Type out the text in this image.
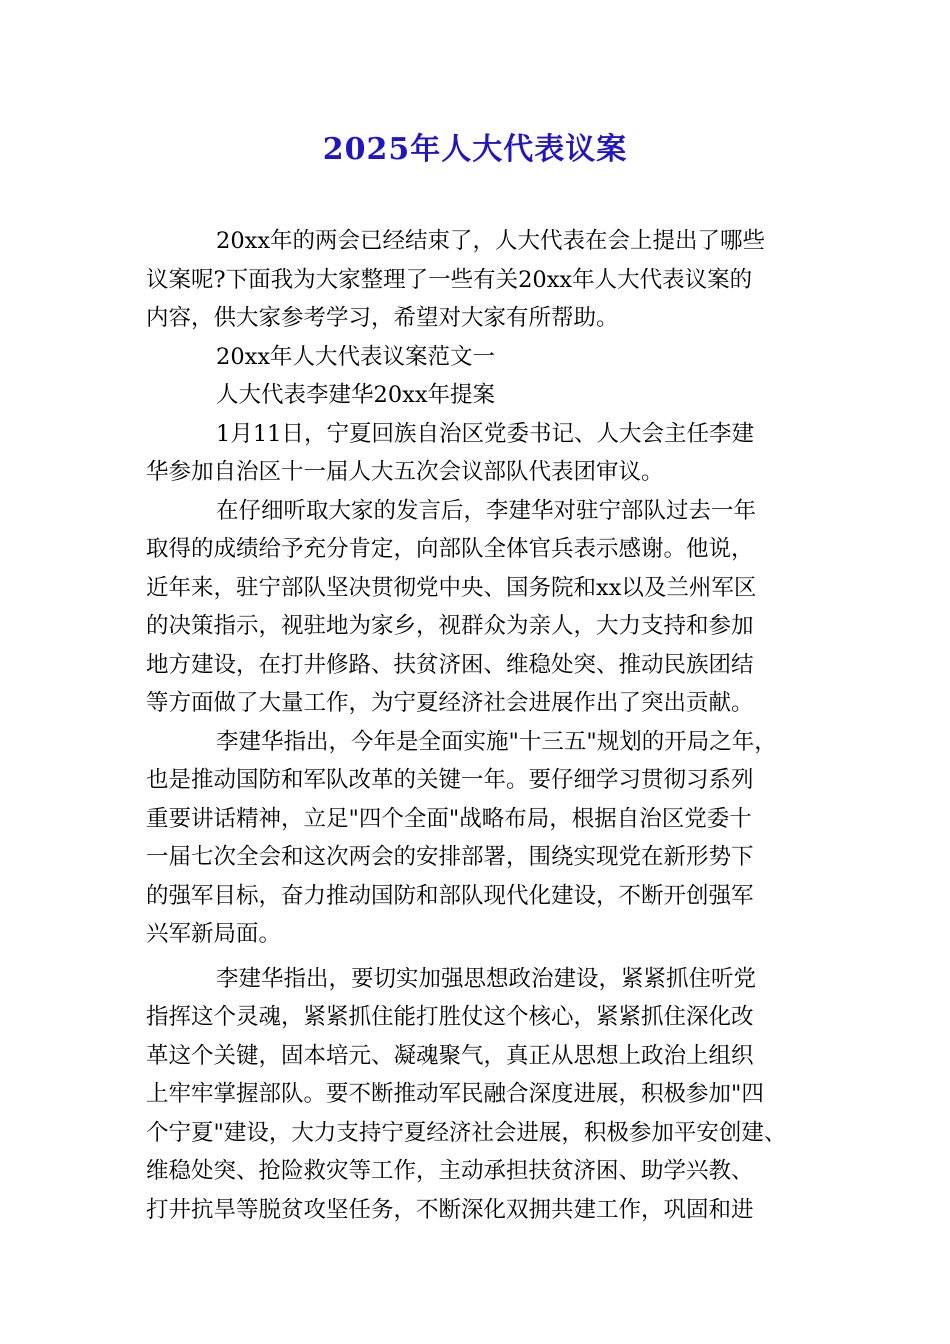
2025年人大代表议案
20xx年的两会已经结束了，人大代表在会上提出了哪些
议案呢?下面我为大家整理了一些有关20xx年人大代表议案的
内容，供大家参考学习，希望对大家有所帮助。
20xx年人大代表议案范文一
人大代表李建华20xx年提案
1月11日，宁夏回族自治区党委书记、人大会主任李建
华参加自治区十一届人大五次会议部队代表团审议。
在仔细听取大家的发言后，李建华对驻宁部队过去一年
取得的成绩给予充分肯定，向部队全体官兵表示感谢。他说，
近年来，驻宁部队坚决贯彻党中央、国务院和xx以及兰州军区
的决策指示，视驻地为家乡，视群众为亲人，大力支持和参加
地方建设，在打井修路、扶贫济困、维稳处突、推动民族团结
等方面做了大量工作，为宁夏经济社会进展作出了突出贡献。
李建华指出，今年是全面实施"十三五"规划的开局之年，
也是推动国防和军队改革的关键一年。要仔细学习贯彻习系列
重要讲话精神，立足"四个全面"战略布局，根据自治区党委十
一届七次全会和这次两会的安排部署，围绕实现党在新形势下
的强军目标，奋力推动国防和部队现代化建设，不断开创强军
兴军新局面。
李建华指出，要切实加强思想政治建设，紧紧抓住听党
指挥这个灵魂，紧紧抓住能打胜仗这个核心，紧紧抓住深化改
革这个关键，固本培元、凝魂聚气，真正从思想上政治上组织
上牢牢掌握部队。要不断推动军民融合深度进展，积极参加"四
个宁夏"建设，大力支持宁夏经济社会进展，积极参加平安创建、
维稳处突、抢险救灾等工作，主动承担扶贫济困、助学兴教、
打井抗旱等脱贫攻坚任务，不断深化双拥共建工作，巩固和进
